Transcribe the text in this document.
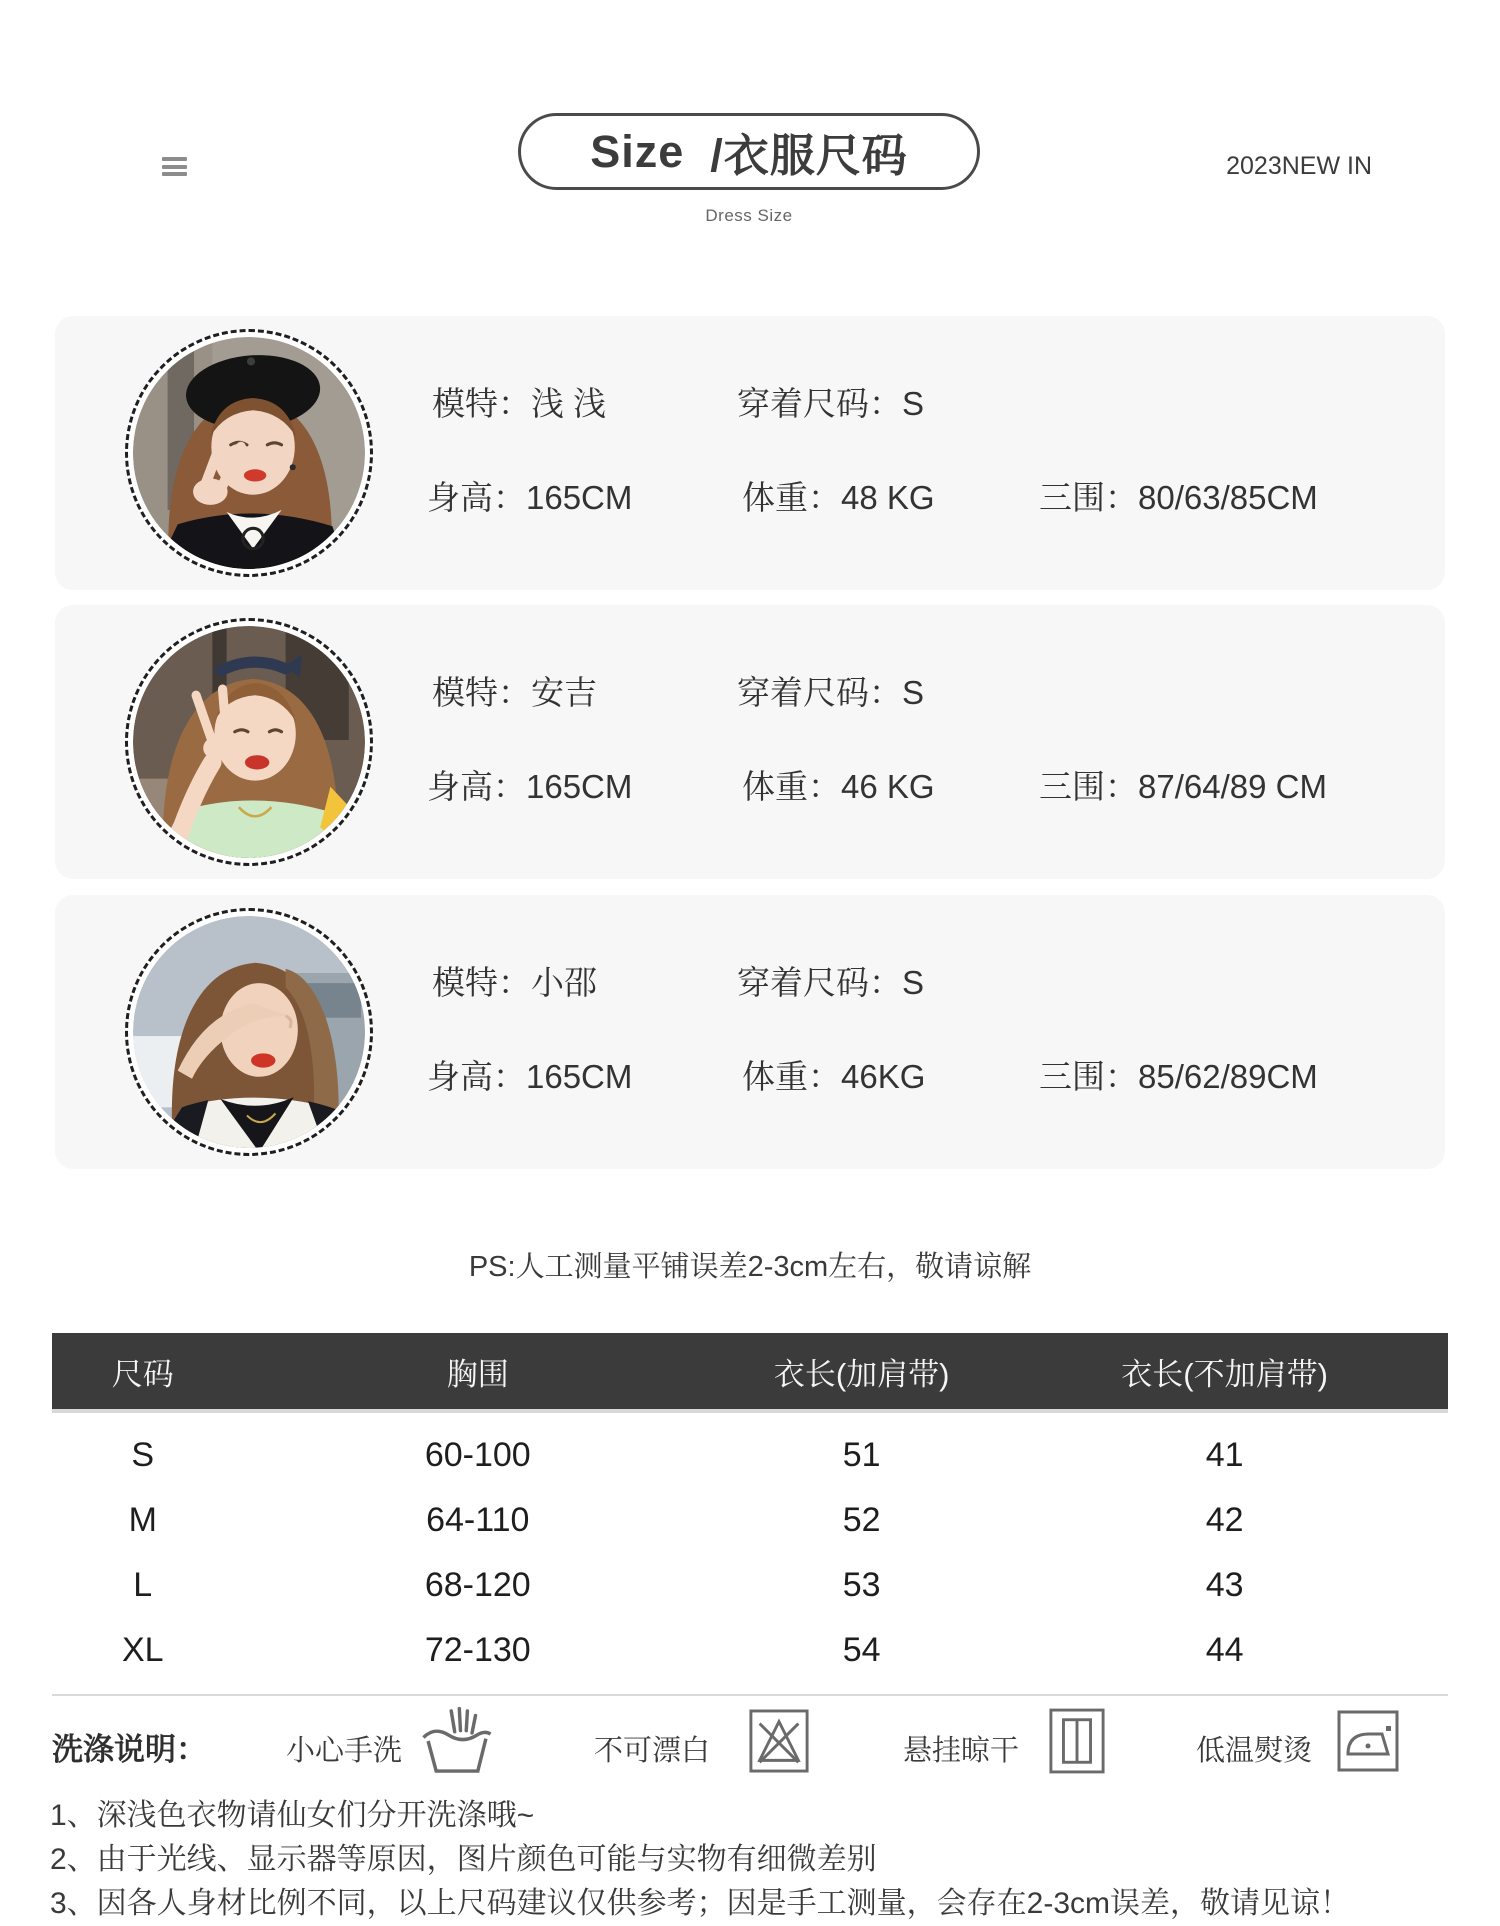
Size /衣服尺码
Dress Size
2023NEW IN
模特：浅 浅	穿着尺码：S
身高：165CM	体重：48 KG	三围：80/63/85CM
模特：安吉	穿着尺码：S
身高：165CM	体重：46 KG	三围：87/64/89 CM
模特：小邵	穿着尺码：S
身高：165CM	体重：46KG	三围：85/62/89CM
PS:人工测量平铺误差2-3cm左右，敬请谅解
尺码	胸围	衣长(加肩带)	衣长(不加肩带)
S	60-100	51	41
M	64-110	52	42
L	68-120	53	43
XL	72-130	54	44
洗涤说明：	小心手洗	不可漂白	悬挂晾干	低温熨烫
1、深浅色衣物请仙女们分开洗涤哦~
2、由于光线、显示器等原因，图片颜色可能与实物有细微差别
3、因各人身材比例不同，以上尺码建议仅供参考；因是手工测量，会存在2-3cm误差，敬请见谅！
